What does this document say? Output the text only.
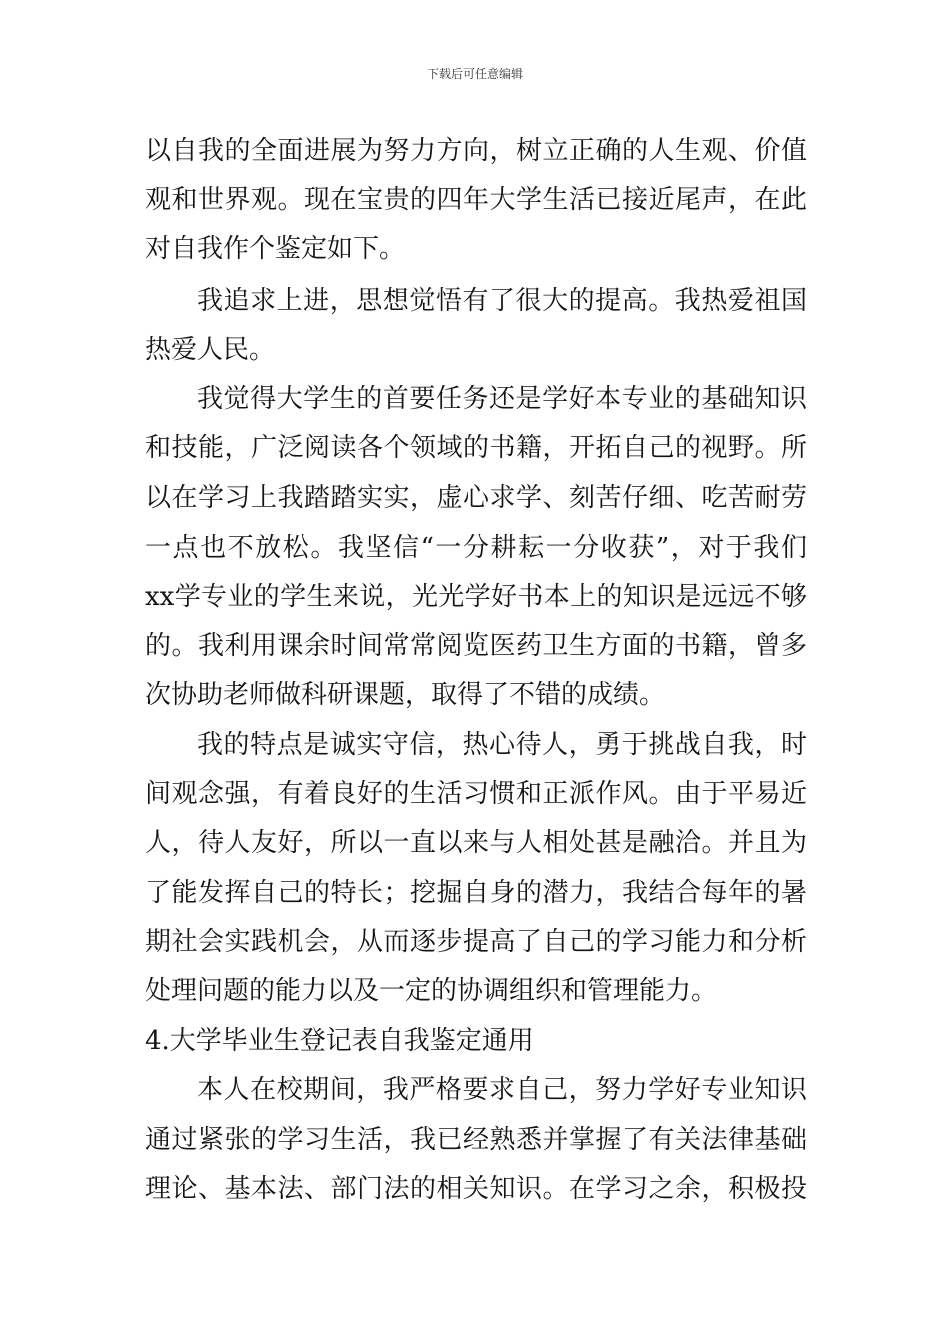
下载后可任意编辑
以自我的全面进展为努力方向，树立正确的人生观、价值
观和世界观。现在宝贵的四年大学生活已接近尾声，在此
对自我作个鉴定如下。
我追求上进，思想觉悟有了很大的提高。我热爱祖国
热爱人民。
我觉得大学生的首要任务还是学好本专业的基础知识
和技能，广泛阅读各个领域的书籍，开拓自己的视野。所
以在学习上我踏踏实实，虚心求学、刻苦仔细、吃苦耐劳
一点也不放松。我坚信“一分耕耘一分收获”，对于我们
xx学专业的学生来说，光光学好书本上的知识是远远不够
的。我利用课余时间常常阅览医药卫生方面的书籍，曾多
次协助老师做科研课题，取得了不错的成绩。
我的特点是诚实守信，热心待人，勇于挑战自我，时
间观念强，有着良好的生活习惯和正派作风。由于平易近
人，待人友好，所以一直以来与人相处甚是融洽。并且为
了能发挥自己的特长；挖掘自身的潜力，我结合每年的暑
期社会实践机会，从而逐步提高了自己的学习能力和分析
处理问题的能力以及一定的协调组织和管理能力。
4.大学毕业生登记表自我鉴定通用
本人在校期间，我严格要求自己，努力学好专业知识
通过紧张的学习生活，我已经熟悉并掌握了有关法律基础
理论、基本法、部门法的相关知识。在学习之余，积极投
